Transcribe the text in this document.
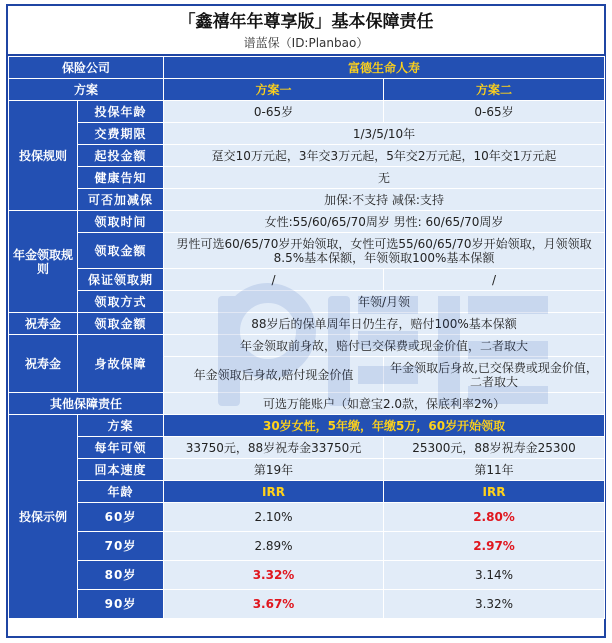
「鑫禧年年尊享版」基本保障责任
谱蓝保（ID:Planbao）
保险公司		富德生命人寿	
方案		方案一	方案二
投保规则	投保年龄	0-65岁	0-65岁
	交费期限	1/3/5/10年	
	起投金额	趸交10万元起，3年交3万元起，5年交2万元起，10年交1万元起	
	健康告知	无	
	可否加减保	加保:不支持 减保:支持	
年金领取规则	领取时间	女性:55/60/65/70周岁 男性: 60/65/70周岁	
	领取金额	男性可选60/65/70岁开始领取，女性可选55/60/65/70岁开始领取，月领领取8.5%基本保额，年领领取100%基本保额	
	保证领取期	/	/
	领取方式	年领/月领	
祝寿金	领取金额	88岁后的保单周年日仍生存，赔付100%基本保额	
祝寿金	身故保障	年金领取前身故，赔付已交保费或现金价值，二者取大	
		年金领取后身故,赔付现金价值	年金领取后身故,已交保费或现金价值，二者取大
其他保障责任		可选万能账户（如意宝2.0款，保底利率2%）	
投保示例	方案	30岁女性，5年缴，年缴5万，60岁开始领取	
	每年可领	33750元，88岁祝寿金33750元	25300元，88岁祝寿金25300
	回本速度	第19年	第11年
	年龄	IRR	IRR
	60岁	2.10%	2.80%
	70岁	2.89%	2.97%
	80岁	3.32%	3.14%
	90岁	3.67%	3.32%
